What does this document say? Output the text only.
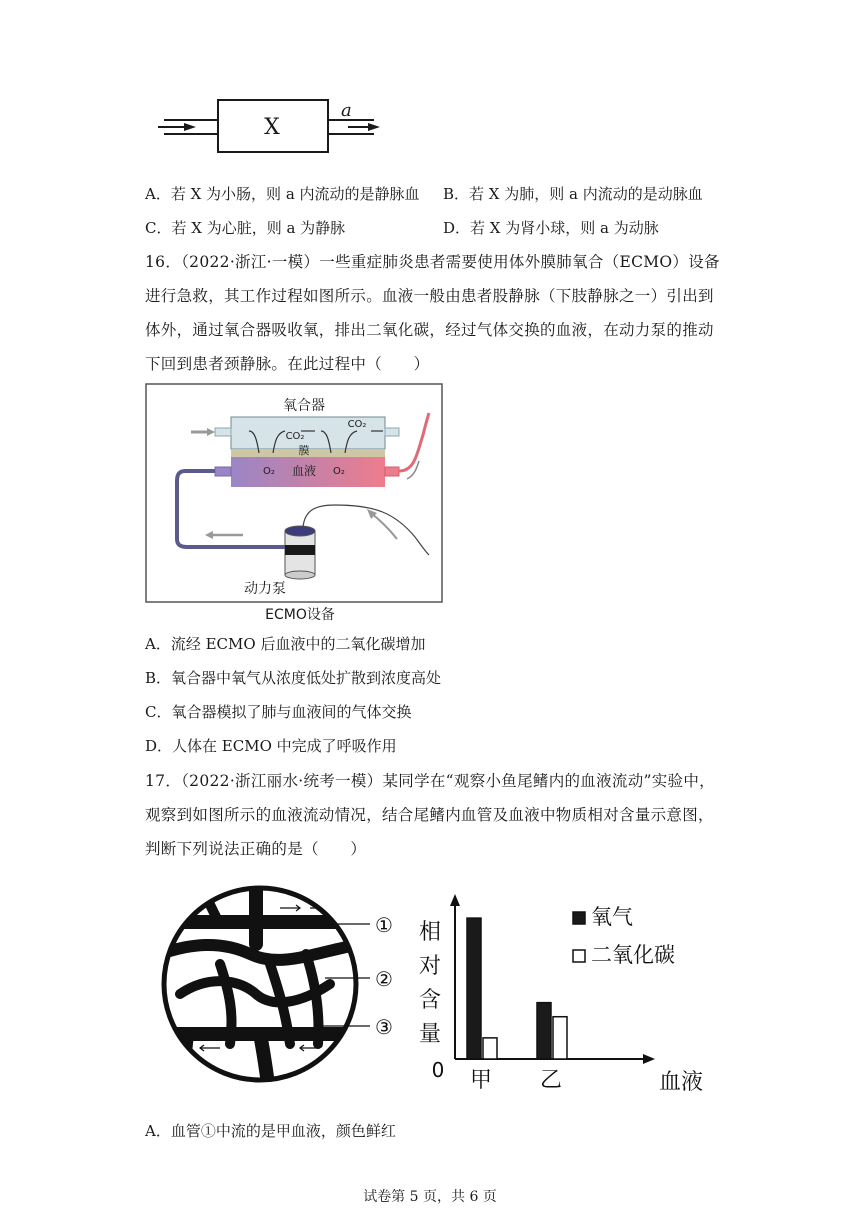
X
a
A．若 X 为小肠，则 a 内流动的是静脉血 B．若 X 为肺，则 a 内流动的是动脉血
C．若 X 为心脏，则 a 为静脉	D．若 X 为肾小球，则 a 为动脉
16．（2022·浙江·一模）一些重症肺炎患者需要使用体外膜肺氧合（ECMO）设备进行急救，其工作过程如图所示。血液一般由患者股静脉（下肢静脉之一）引出到体外，通过氧合器吸收氧，排出二氧化碳，经过气体交换的血液，在动力泵的推动下回到患者颈静脉。在此过程中（　　）
氧合器
CO₂
CO₂
膜
O₂	O₂
血液
动力泵
ECMO设备
A．流经 ECMO 后血液中的二氧化碳增加
B．氧合器中氧气从浓度低处扩散到浓度高处
C．氧合器模拟了肺与血液间的气体交换
D．人体在 ECMO 中完成了呼吸作用
17．（2022·浙江丽水·统考一模）某同学在“观察小鱼尾鳍内的血液流动”实验中，观察到如图所示的血液流动情况，结合尾鳍内血管及血液中物质相对含量示意图，判断下列说法正确的是（　　）
①
②
③
相
对
含
量
0	血液
甲 乙
氧气
二氧化碳
A．血管①中流的是甲血液，颜色鲜红
试卷第 5 页，共 6 页
